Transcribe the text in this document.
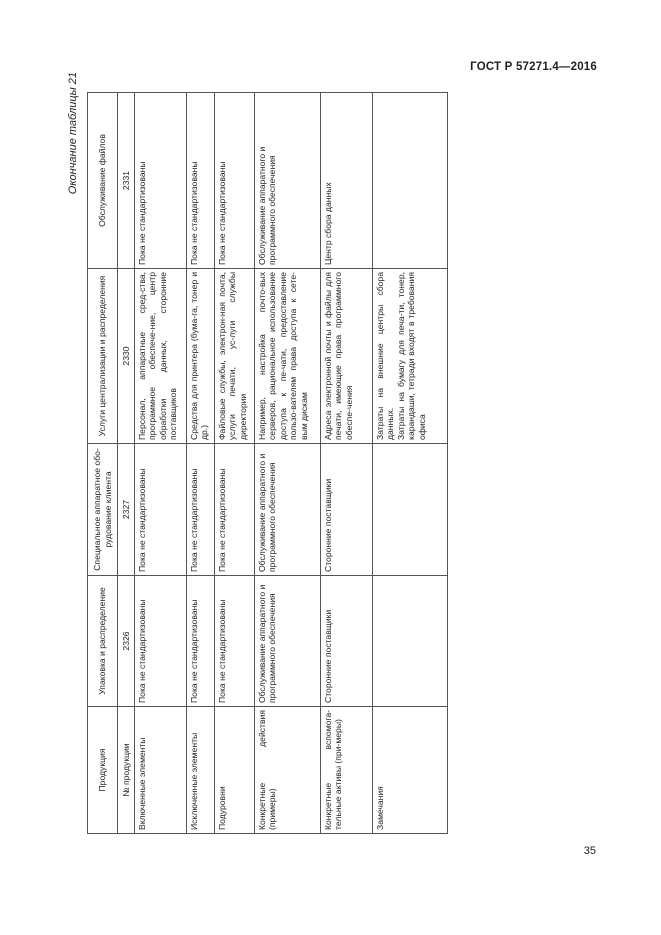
ГОСТ Р 57271.4—2016
Окончание таблицы 21
Продукция	Упаковка и распределение	Специальное аппаратное обо-рудование клиента	Услуги централизации и распределения	Обслуживание файлов
№ продукции	2326	2327	2330	2331
Включенные элементы	Пока не стандартизованы	Пока не стандартизованы	Персонал, аппаратные сред-ства, программное обеспече-ние, центр обработки данных, сторонние поставщиков	Пока не стандартизованы
Исключенные элементы	Пока не стандартизованы	Пока не стандартизованы	Средства для принтера (бума-га, тонер и др.)	Пока не стандартизованы
Подуровни	Пока не стандартизованы	Пока не стандартизованы	Файловые службы, электрон-ная почта, услуги печати, ус-луги службы директории	Пока не стандартизованы
Конкретные действия (примеры)	Обслуживание аппаратного и программного обеспечения	Обслуживание аппаратного и программного обеспечения	Например, настройка почто-вых серверов, рациональное использование доступа к пе-чати, предоставление пользо-вателям права доступа к сете-вым дискам	Обслуживание аппаратного и программного обеспечения
Конкретные вспомога-тельные активы (при-меры)	Сторонние поставщики	Сторонние поставщики	Адреса электронной почты и файлы для печати, имеющие права программного обеспе-чения	Центр сбора данных
Замечания			Затраты на внешние центры сбора данных.
Затраты на бумагу для печа-ти, тонер, карандаши, тетради входят в требования офиса	
35
